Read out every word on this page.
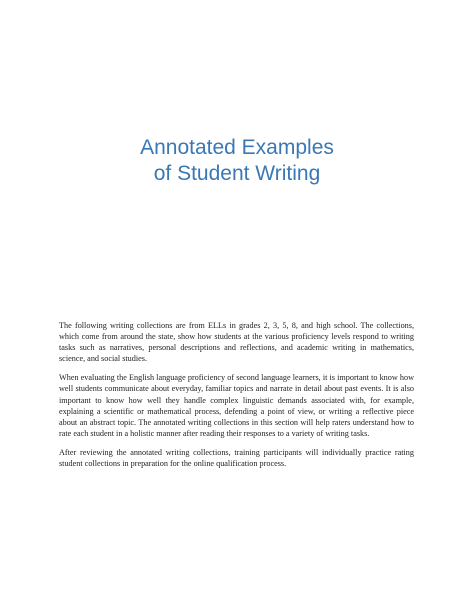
Annotated Examples
of Student Writing

The following writing collections are from ELLs in grades 2, 3, 5, 8, and high school. The collections, which come from around the state, show how students at the various proficiency levels respond to writing tasks such as narratives, personal descriptions and reflections, and academic writing in mathematics, science, and social studies.

When evaluating the English language proficiency of second language learners, it is important to know how well students communicate about everyday, familiar topics and narrate in detail about past events. It is also important to know how well they handle complex linguistic demands associated with, for example, explaining a scientific or mathematical process, defending a point of view, or writing a reflective piece about an abstract topic. The annotated writing collections in this section will help raters understand how to rate each student in a holistic manner after reading their responses to a variety of writing tasks.

After reviewing the annotated writing collections, training participants will individually practice rating student collections in preparation for the online qualification process.
